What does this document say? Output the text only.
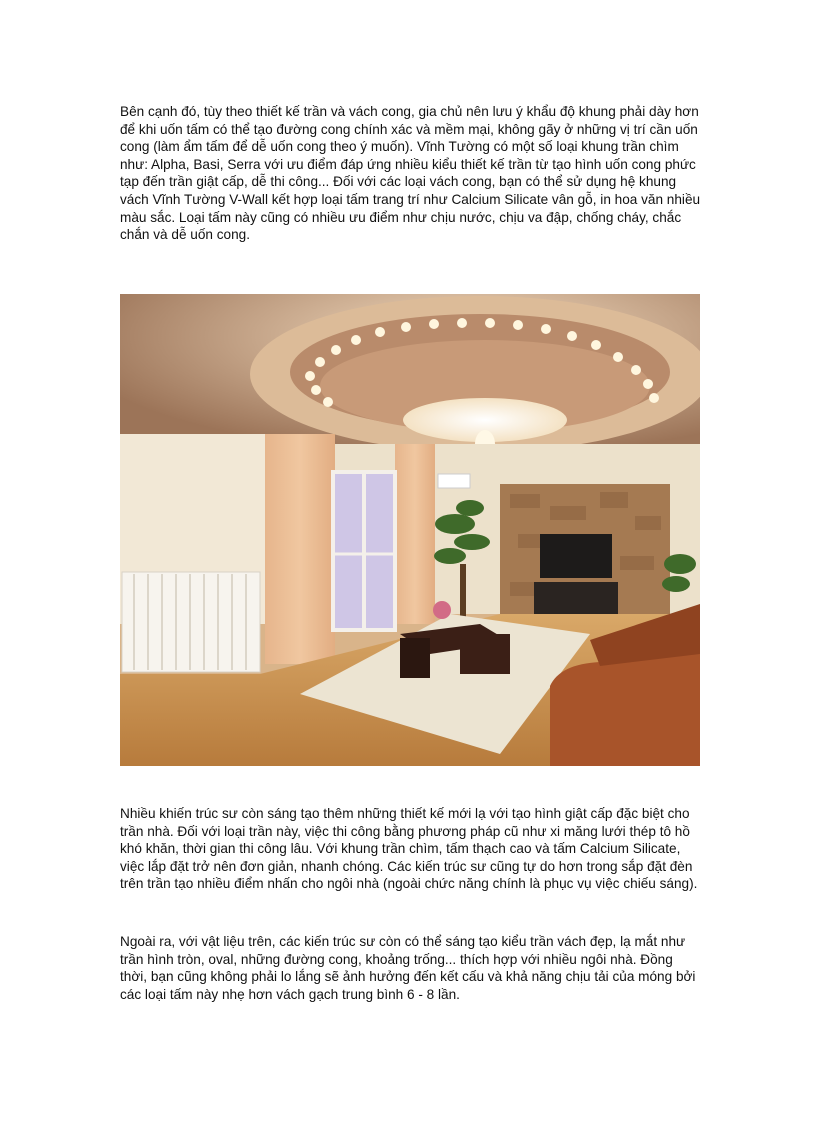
Bên cạnh đó, tùy theo thiết kế trần và vách cong, gia chủ nên lưu ý khẩu độ khung phải dày hơn để khi uốn tấm có thể tạo đường cong chính xác và mềm mại, không gãy ở những vị trí cần uốn cong (làm ẩm tấm để dễ uốn cong theo ý muốn). Vĩnh Tường có một số loại khung trần chìm như: Alpha, Basi, Serra với ưu điểm đáp ứng nhiều kiểu thiết kế trần từ tạo hình uốn cong phức tạp đến trần giật cấp, dễ thi công... Đối với các loại vách cong, bạn có thể sử dụng hệ khung vách Vĩnh Tường V-Wall kết hợp loại tấm trang trí như Calcium Silicate vân gỗ, in hoa văn nhiều màu sắc. Loại tấm này cũng có nhiều ưu điểm như chịu nước, chịu va đập, chống cháy, chắc chắn và dễ uốn cong.

Nhiều khiến trúc sư còn sáng tạo thêm những thiết kế mới lạ với tạo hình giật cấp đặc biệt cho trần nhà. Đối với loại trần này, việc thi công bằng phương pháp cũ như xi măng lưới thép tô hồ khó khăn, thời gian thi công lâu. Với khung trần chìm, tấm thạch cao và tấm Calcium Silicate, việc lắp đặt trở nên đơn giản, nhanh chóng. Các kiến trúc sư cũng tự do hơn trong sắp đặt đèn trên trần tạo nhiều điểm nhấn cho ngôi nhà (ngoài chức năng chính là phục vụ việc chiếu sáng).

Ngoài ra, với vật liệu trên, các kiến trúc sư còn có thể sáng tạo kiểu trần vách đẹp, lạ mắt như trần hình tròn, oval, những đường cong, khoảng trống... thích hợp với nhiều ngôi nhà. Đồng thời, bạn cũng không phải lo lắng sẽ ảnh hưởng đến kết cấu và khả năng chịu tải của móng bởi các loại tấm này nhẹ hơn vách gạch trung bình 6 - 8 lần.
